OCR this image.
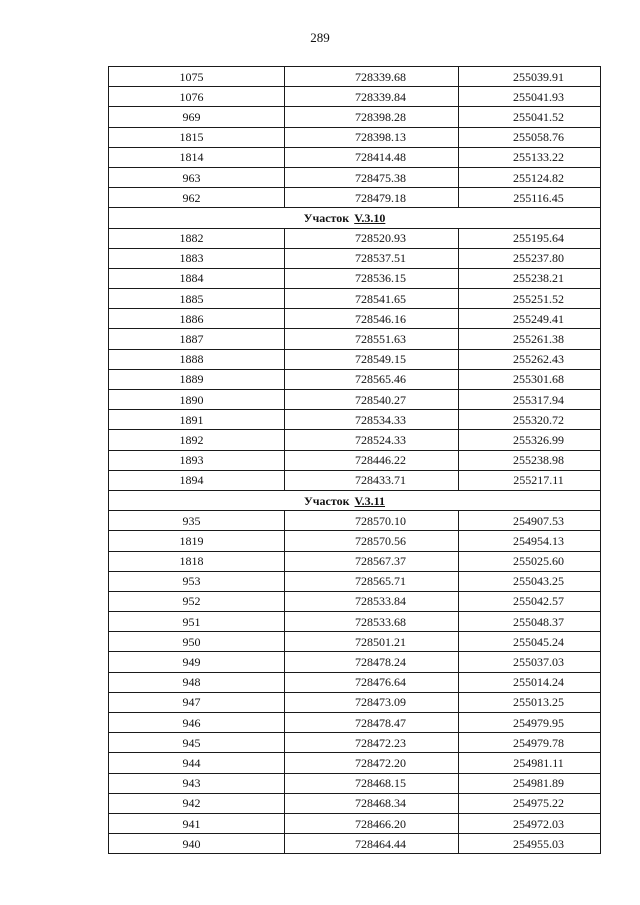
289
1075	728339.68	255039.91
1076	728339.84	255041.93
969	728398.28	255041.52
1815	728398.13	255058.76
1814	728414.48	255133.22
963	728475.38	255124.82
962	728479.18	255116.45
Участок V.3.10		
1882	728520.93	255195.64
1883	728537.51	255237.80
1884	728536.15	255238.21
1885	728541.65	255251.52
1886	728546.16	255249.41
1887	728551.63	255261.38
1888	728549.15	255262.43
1889	728565.46	255301.68
1890	728540.27	255317.94
1891	728534.33	255320.72
1892	728524.33	255326.99
1893	728446.22	255238.98
1894	728433.71	255217.11
Участок V.3.11		
935	728570.10	254907.53
1819	728570.56	254954.13
1818	728567.37	255025.60
953	728565.71	255043.25
952	728533.84	255042.57
951	728533.68	255048.37
950	728501.21	255045.24
949	728478.24	255037.03
948	728476.64	255014.24
947	728473.09	255013.25
946	728478.47	254979.95
945	728472.23	254979.78
944	728472.20	254981.11
943	728468.15	254981.89
942	728468.34	254975.22
941	728466.20	254972.03
940	728464.44	254955.03
